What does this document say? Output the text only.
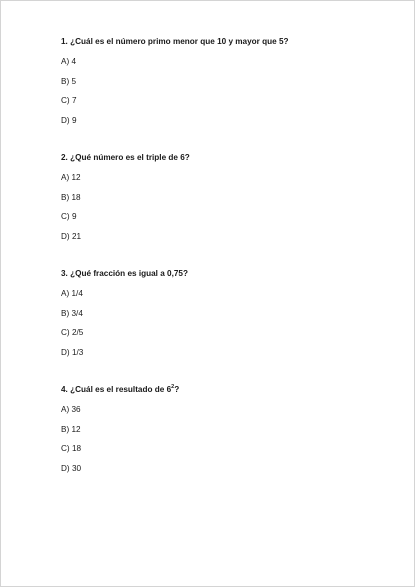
1. ¿Cuál es el número primo menor que 10 y mayor que 5?
A ) 4
B ) 5
C ) 7
D ) 9
2. ¿Qué número es el triple de 6?
A ) 12
B ) 18
C ) 9
D ) 21
3. ¿Qué fracción es igual a 0,75?
A ) 1/4
B ) 3/4
C ) 2/5
D ) 1/3
4. ¿Cuál es el resultado de $6^2$?
A ) 36
B ) 12
C ) 18
D ) 30
